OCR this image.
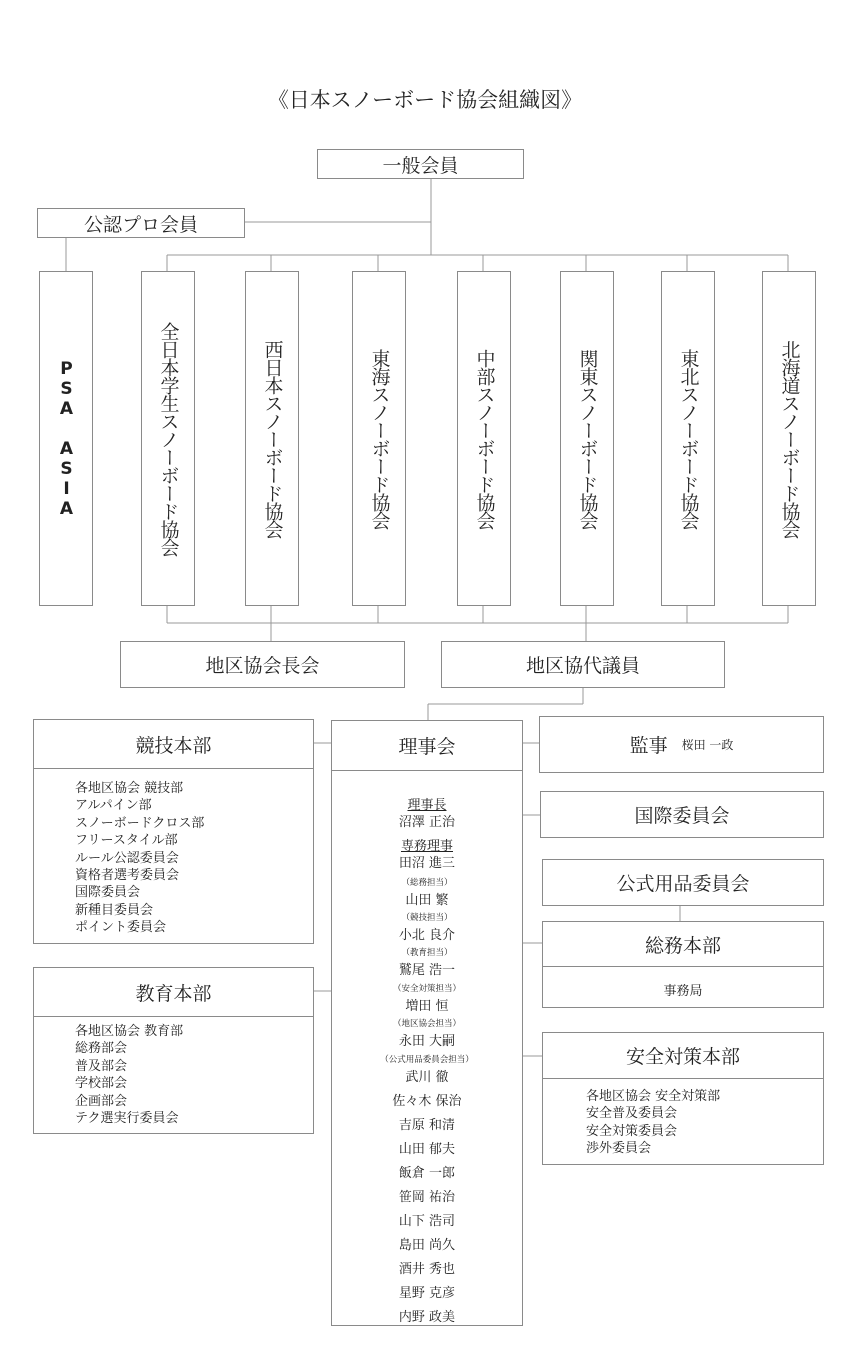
《日本スノーボード協会組織図》
一般会員
公認プロ会員
PSA ASIA	全日本学生スノーボード協会	西日本スノーボード協会	東海スノーボード協会	中部スノーボード協会	関東スノーボード協会	東北スノーボード協会	北海道スノーボード協会
地区協会長会	地区協代議員
競技本部
各地区協会 競技部
アルパイン部
スノーボードクロス部
フリースタイル部
ルール公認委員会
資格者選考委員会
国際委員会
新種目委員会
ポイント委員会
教育本部
各地区協会 教育部
総務部会
普及部会
学校部会
企画部会
テク選実行委員会
理事会
理事長
沼澤 正治
専務理事
田沼 進三
（総務担当）
山田 繁
（競技担当）
小北 良介
（教育担当）
鷲尾 浩一
（安全対策担当）
増田 恒
（地区協会担当）
永田 大嗣
（公式用品委員会担当）
武川 徹
佐々木 保治
吉原 和清
山田 郁夫
飯倉 一郎
笹岡 祐治
山下 浩司
島田 尚久
酒井 秀也
星野 克彦
内野 政美
監事 桜田 一政
国際委員会
公式用品委員会
総務本部
事務局
安全対策本部
各地区協会 安全対策部
安全普及委員会
安全対策委員会
渉外委員会
